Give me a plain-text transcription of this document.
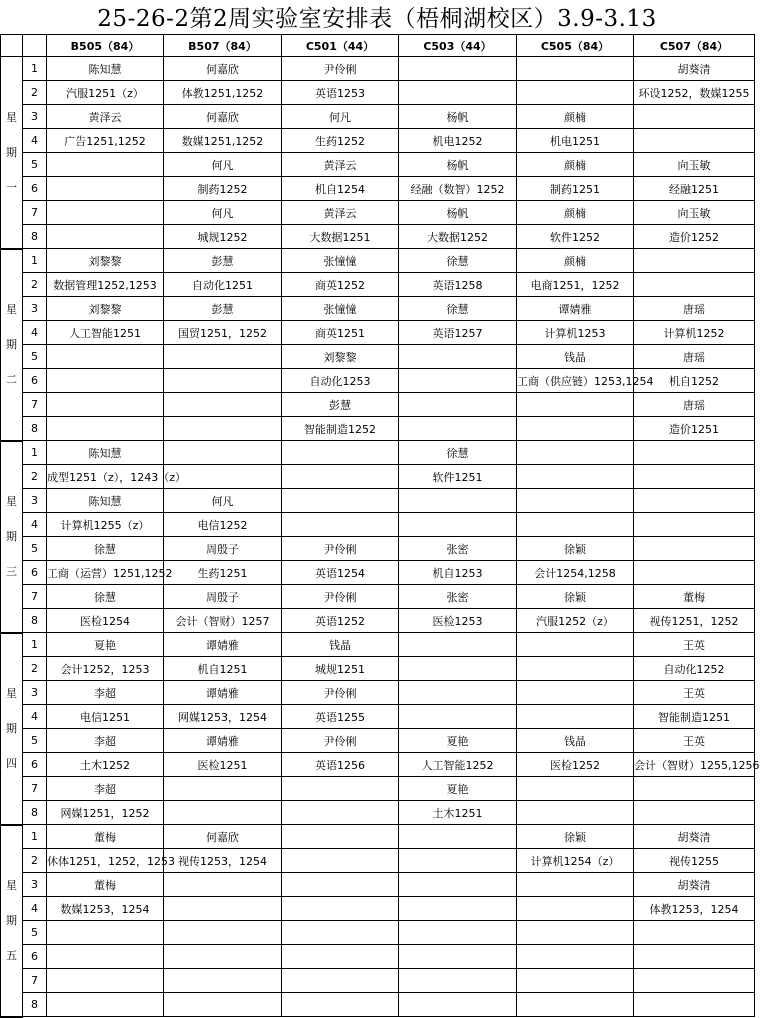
25-26-2第2周实验室安排表（梧桐湖校区）3.9-3.13
		B505（84）	B507（84）	C501（44）	C503（44）	C505（84）	C507（84）
星期一	1	陈知慧	何嘉欣	尹伶俐			胡葵清
	2	汽服1251（z）	体教1251,1252	英语1253			环设1252，数媒1255
	3	黄泽云	何嘉欣	何凡	杨帆	颜楠	
	4	广告1251,1252	数媒1251,1252	生药1252	机电1252	机电1251	
	5		何凡	黄泽云	杨帆	颜楠	向玉敏
	6		制药1252	机自1254	经融（数智）1252	制药1251	经融1251
	7		何凡	黄泽云	杨帆	颜楠	向玉敏
	8		城规1252	大数据1251	大数据1252	软件1252	造价1252
星期二	1	刘黎黎	彭慧	张憧憧	徐慧	颜楠	
	2	数据管理1252,1253	自动化1251	商英1252	英语1258	电商1251，1252	
	3	刘黎黎	彭慧	张憧憧	徐慧	谭婧雅	唐瑶
	4	人工智能1251	国贸1251，1252	商英1251	英语1257	计算机1253	计算机1252
	5			刘黎黎		钱晶	唐瑶
	6			自动化1253		工商（供应链）1253,1254	机自1252
	7			彭慧			唐瑶
	8			智能制造1252			造价1251
星期三	1	陈知慧			徐慧		
	2	成型1251（z），1243（z）			软件1251		
	3	陈知慧	何凡				
	4	计算机1255（z）	电信1252				
	5	徐慧	周殷子	尹伶俐	张密	徐颖	
	6	工商（运营）1251,1252	生药1251	英语1254	机自1253	会计1254,1258	
	7	徐慧	周殷子	尹伶俐	张密	徐颖	董梅
	8	医检1254	会计（智财）1257	英语1252	医检1253	汽服1252（z）	视传1251，1252
星期四	1	夏艳	谭婧雅	钱晶			王英
	2	会计1252，1253	机自1251	城规1251			自动化1252
	3	李超	谭婧雅	尹伶俐			王英
	4	电信1251	网媒1253，1254	英语1255			智能制造1251
	5	李超	谭婧雅	尹伶俐	夏艳	钱晶	王英
	6	土木1252	医检1251	英语1256	人工智能1252	医检1252	会计（智财）1255,1256
	7	李超			夏艳		
	8	网媒1251，1252			土木1251		
星期五	1	董梅	何嘉欣			徐颖	胡葵清
	2	休体1251，1252，1253	视传1253，1254			计算机1254（z）	视传1255
	3	董梅					胡葵清
	4	数媒1253，1254					体教1253，1254
	5						
	6						
	7						
	8						
